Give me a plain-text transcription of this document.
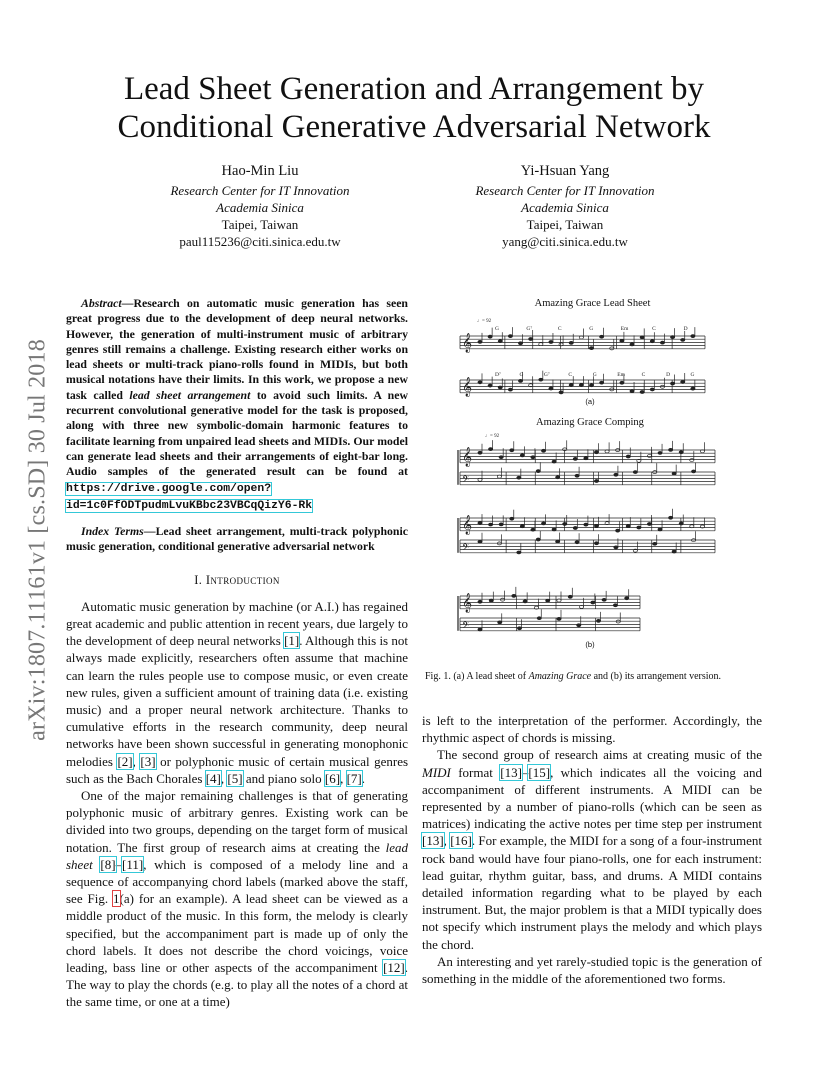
arXiv:1807.11161v1 [cs.SD] 30 Jul 2018
Lead Sheet Generation and Arrangement by
Conditional Generative Adversarial Network
Hao-Min Liu
Research Center for IT Innovation
Academia Sinica
Taipei, Taiwan
paul115236@citi.sinica.edu.tw
Yi-Hsuan Yang
Research Center for IT Innovation
Academia Sinica
Taipei, Taiwan
yang@citi.sinica.edu.tw
Abstract—Research on automatic music generation has seen great progress due to the development of deep neural networks. However, the generation of multi-instrument music of arbitrary genres still remains a challenge. Existing research either works on lead sheets or multi-track piano-rolls found in MIDIs, but both musical notations have their limits. In this work, we propose a new task called lead sheet arrangement to avoid such limits. A new recurrent convolutional generative model for the task is proposed, along with three new symbolic-domain harmonic features to facilitate learning from unpaired lead sheets and MIDIs. Our model can generate lead sheets and their arrangements of eight-bar long. Audio samples of the generated result can be found at https://drive.google.com/open?id=1c0FfODTpudmLvuKBbc23VBCqQizY6-Rk
Index Terms—Lead sheet arrangement, multi-track polyphonic music generation, conditional generative adversarial network
I. Introduction

Automatic music generation by machine (or A.I.) has regained great academic and public attention in recent years, due largely to the development of deep neural networks [1]. Although this is not always made explicitly, researchers often assume that machine can learn the rules people use to compose music, or even create new rules, given a sufficient amount of training data (i.e. existing music) and a proper neural network architecture. Thanks to cumulative efforts in the research community, deep neural networks have been shown successful in generating monophonic melodies [2], [3] or polyphonic music of certain musical genres such as the Bach Chorales [4], [5] and piano solo [6], [7].

One of the major remaining challenges is that of generating polyphonic music of arbitrary genres. Existing work can be divided into two groups, depending on the target form of musical notation. The first group of research aims at creating the lead sheet [8]–[11], which is composed of a melody line and a sequence of accompanying chord labels (marked above the staff, see Fig. 1(a) for an example). A lead sheet can be viewed as a middle product of the music. In this form, the melody is clearly specified, but the accompaniment part is made up of only the chord labels. It does not describe the chord voicings, voice leading, bass line or other aspects of the accompaniment [12]. The way to play the chords (e.g. to play all the notes of a chord at the same time, or one at a time)

Amazing Grace Lead Sheet
♩= 92
G	G⁷	C	G	Em	C	D
𝄞
D⁷	G	G⁷	C	G	Em	C	D	G
𝄞
♩= 92
𝄞
𝄢
𝄞
𝄢
𝄞
𝄢
(a)
Amazing Grace Comping
(b)
Fig. 1. (a) A lead sheet of Amazing Grace and (b) its arrangement version.

is left to the interpretation of the performer. Accordingly, the rhythmic aspect of chords is missing.

The second group of research aims at creating music of the MIDI format [13]–[15], which indicates all the voicing and accompaniment of different instruments. A MIDI can be represented by a number of piano-rolls (which can be seen as matrices) indicating the active notes per time step per instrument [13], [16]. For example, the MIDI for a song of a four-instrument rock band would have four piano-rolls, one for each instrument: lead guitar, rhythm guitar, bass, and drums. A MIDI contains detailed information regarding what to be played by each instrument. But, the major problem is that a MIDI typically does not specify which instrument plays the melody and which plays the chord.

An interesting and yet rarely-studied topic is the generation of something in the middle of the aforementioned two forms.
